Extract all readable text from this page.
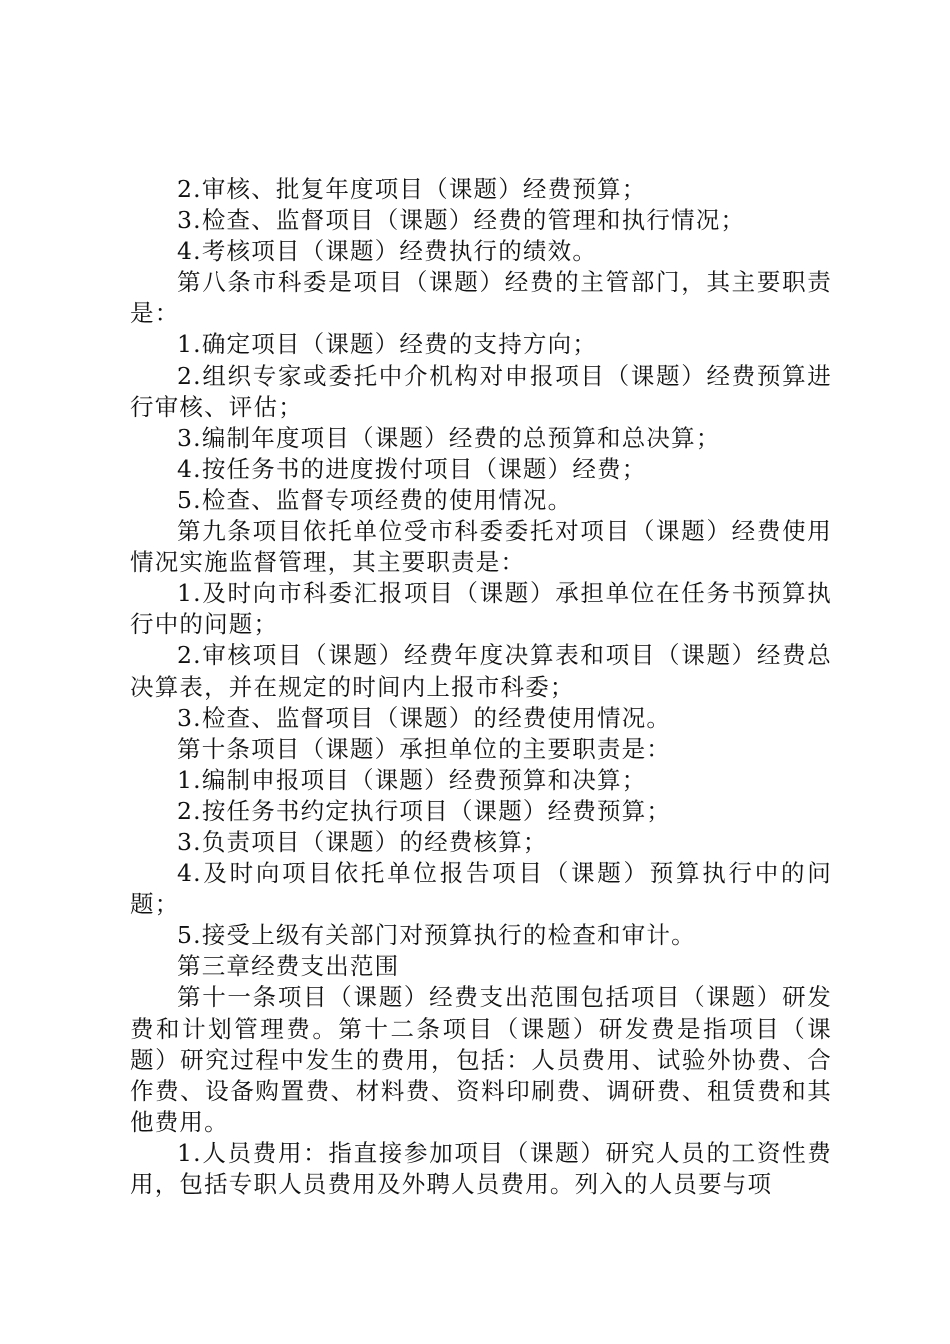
2.审核、批复年度项目（课题）经费预算；

3.检查、监督项目（课题）经费的管理和执行情况；

4.考核项目（课题）经费执行的绩效。

第八条市科委是项目（课题）经费的主管部门，其主要职责是：

1.确定项目（课题）经费的支持方向；

2.组织专家或委托中介机构对申报项目（课题）经费预算进行审核、评估；

3.编制年度项目（课题）经费的总预算和总决算；

4.按任务书的进度拨付项目（课题）经费；

5.检查、监督专项经费的使用情况。

第九条项目依托单位受市科委委托对项目（课题）经费使用情况实施监督管理，其主要职责是：

1.及时向市科委汇报项目（课题）承担单位在任务书预算执行中的问题；

2.审核项目（课题）经费年度决算表和项目（课题）经费总决算表，并在规定的时间内上报市科委；

3.检查、监督项目（课题）的经费使用情况。

第十条项目（课题）承担单位的主要职责是：

1.编制申报项目（课题）经费预算和决算；

2.按任务书约定执行项目（课题）经费预算；

3.负责项目（课题）的经费核算；

4.及时向项目依托单位报告项目（课题）预算执行中的问题；

5.接受上级有关部门对预算执行的检查和审计。

第三章经费支出范围

第十一条项目（课题）经费支出范围包括项目（课题）研发费和计划管理费。第十二条项目（课题）研发费是指项目（课题）研究过程中发生的费用，包括：人员费用、试验外协费、合作费、设备购置费、材料费、资料印刷费、调研费、租赁费和其他费用。

1.人员费用：指直接参加项目（课题）研究人员的工资性费用，包括专职人员费用及外聘人员费用。列入的人员要与项
